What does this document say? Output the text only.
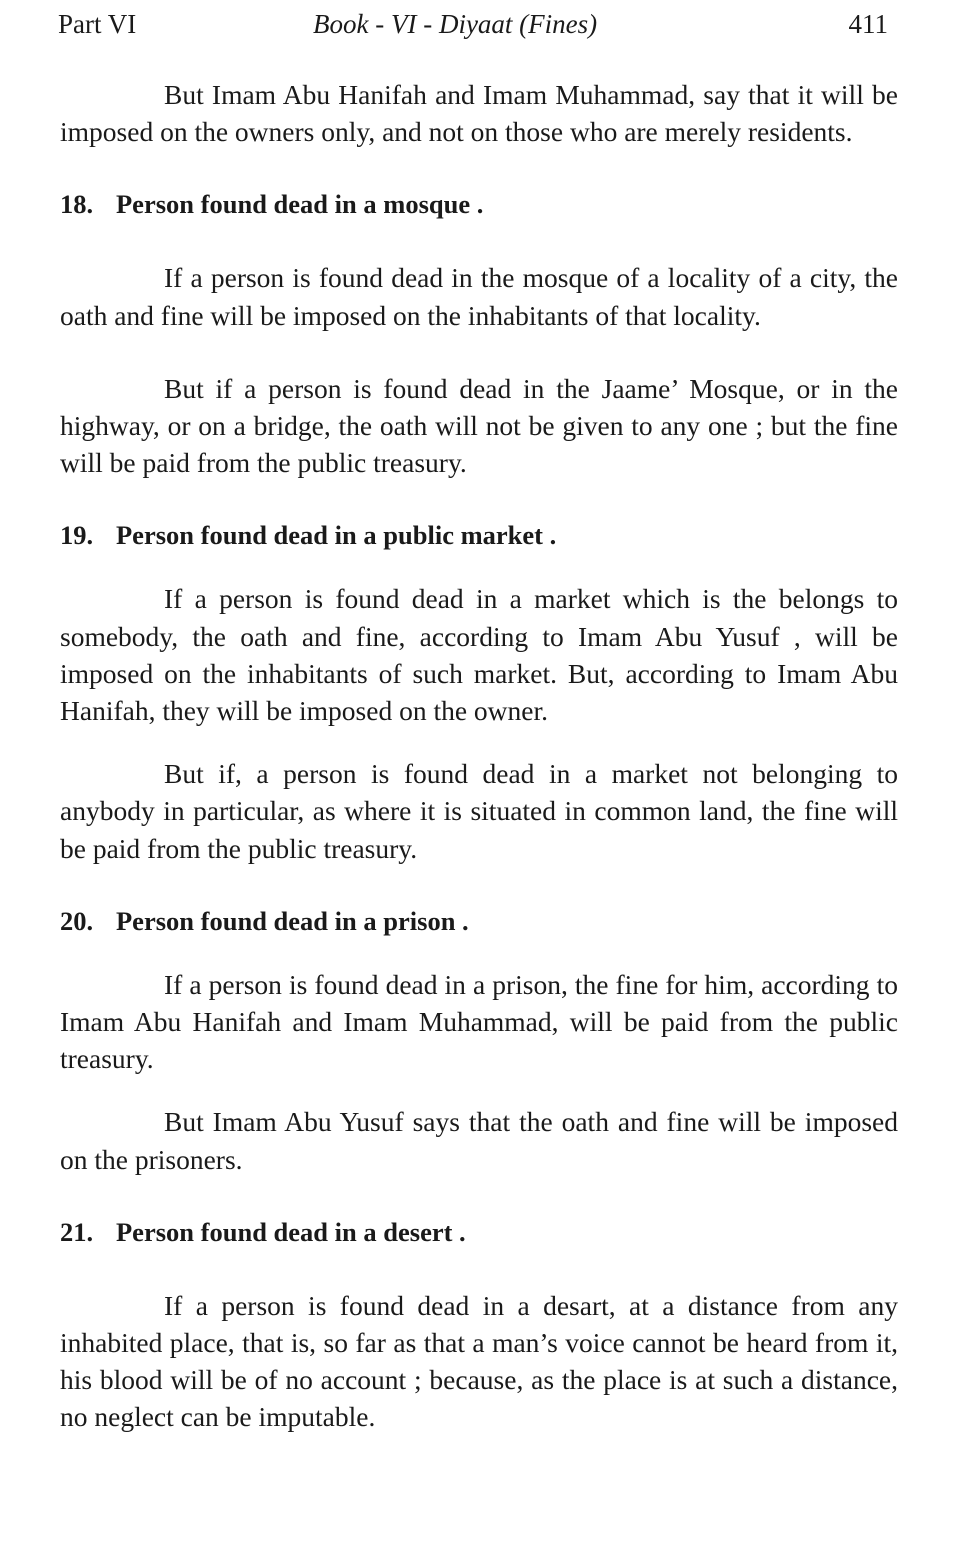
Part VI	Book - VI - Diyaat (Fines)	411

But Imam Abu Hanifah and Imam Muhammad, say that it will be imposed on the owners only, and not on those who are merely residents.

18. Person found dead in a mosque .

If a person is found dead in the mosque of a locality of a city, the oath and fine will be imposed on the inhabitants of that locality.

But if a person is found dead in the Jaame’ Mosque, or in the highway, or on a bridge, the oath will not be given to any one ; but the fine will be paid from the public treasury.

19. Person found dead in a public market .

If a person is found dead in a market which is the belongs to somebody, the oath and fine, according to Imam Abu Yusuf , will be imposed on the inhabitants of such market. But, according to Imam Abu Hanifah, they will be imposed on the owner.

But if, a person is found dead in a market not belonging to anybody in particular, as where it is situated in common land, the fine will be paid from the public treasury.

20. Person found dead in a prison .

If a person is found dead in a prison, the fine for him, according to Imam Abu Hanifah and Imam Muhammad, will be paid from the public treasury.

But Imam Abu Yusuf says that the oath and fine will be imposed on the prisoners.

21. Person found dead in a desert .

If a person is found dead in a desart, at a distance from any inhabited place, that is, so far as that a man’s voice cannot be heard from it, his blood will be of no account ; because, as the place is at such a distance, no neglect can be imputable.
